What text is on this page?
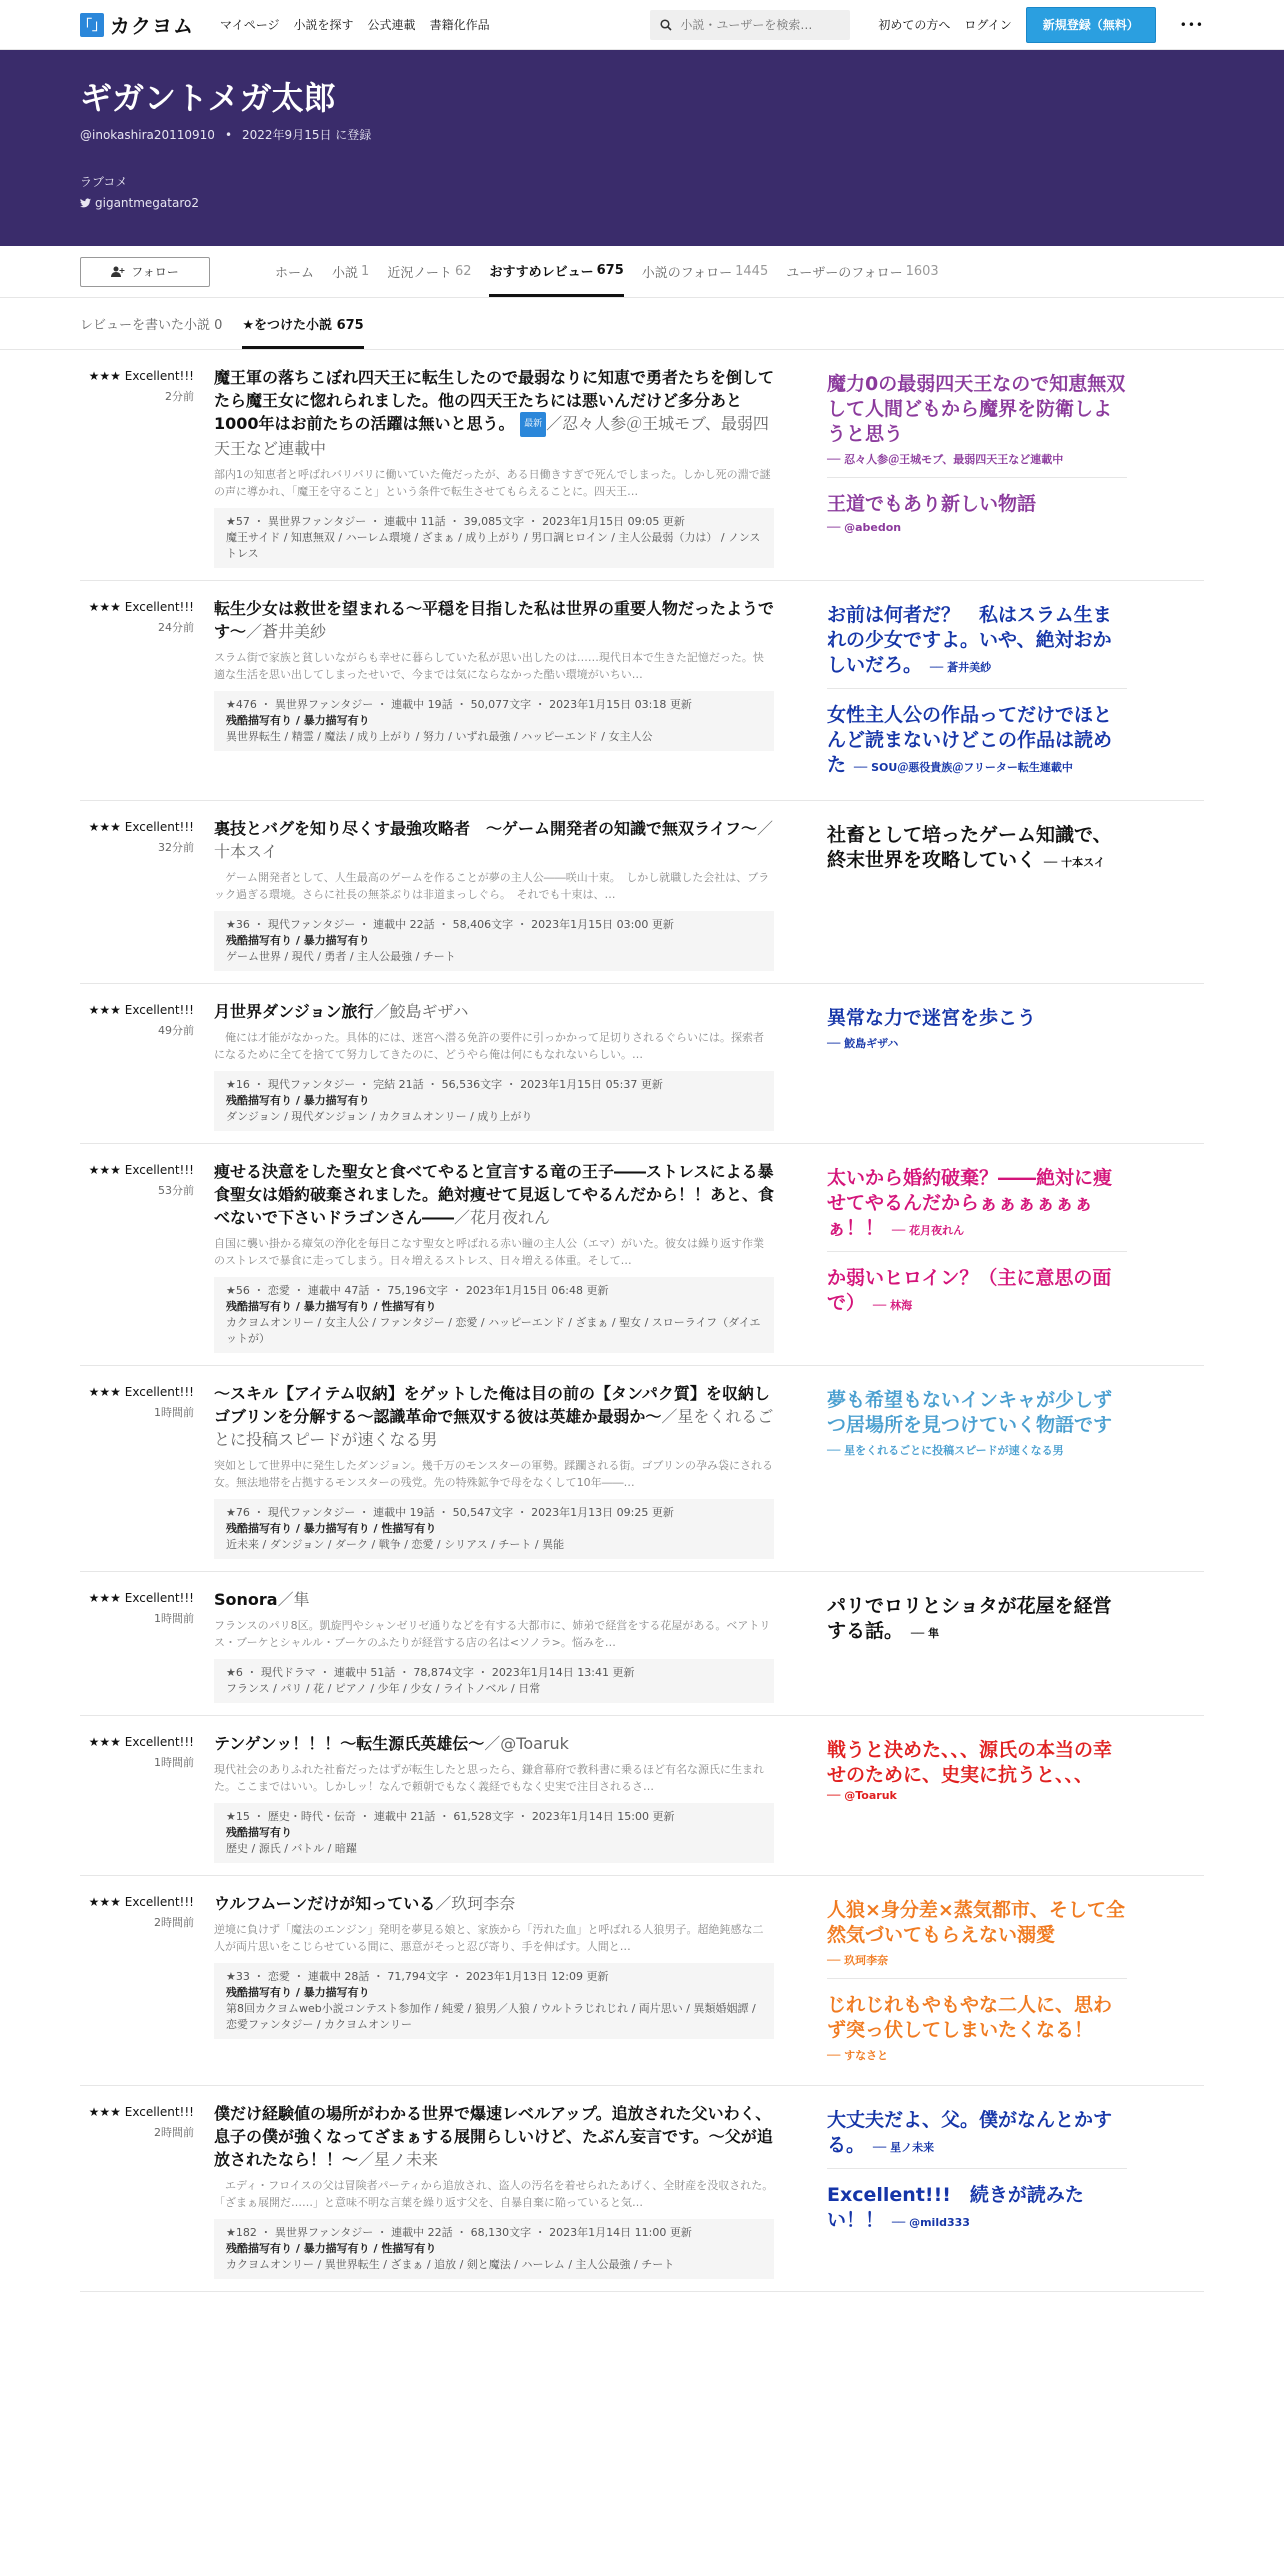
「」 カクヨム マイページ 小説を探す 公式連載 書籍化作品
小説・ユーザーを検索…	初めての方へ ログイン	新規登録（無料）	•••
ギガントメガ太郎
@inokashira20110910 • 2022年9月15日 に登録
ラブコメ
gigantmegataro2
フォロー	ホーム 小説 1 近況ノート 62 おすすめレビュー 675 小説のフォロー 1445 ユーザーのフォロー 1603
レビューを書いた小説 0 ★をつけた小説 675
★★★ Excellent!!!
2分前
魔王軍の落ちこぼれ四天王に転生したので最弱なりに知恵で勇者たちを倒してたら魔王女に惚れられました。他の四天王たちには悪いんだけど多分あと1000年はお前たちの活躍は無いと思う。 最新 ／忍々人参＠王城モブ、最弱四天王など連載中
部内1の知恵者と呼ばれバリバリに働いていた俺だったが、ある日働きすぎで死んでしまった。しかし死の淵で謎の声に導かれ、「魔王を守ること」という条件で転生させてもらえることに。四天王…
★57 ・ 異世界ファンタジー ・ 連載中 11話 ・ 39,085文字 ・ 2023年1月15日 09:05 更新
魔王サイド / 知恵無双 / ハーレム環境 / ざまぁ / 成り上がり / 男口調ヒロイン / 主人公最弱（力は） / ノンストレス
魔力0の最弱四天王なので知恵無双して人間どもから魔界を防衛しようと思う
── 忍々人参＠王城モブ、最弱四天王など連載中
王道でもあり新しい物語
── @abedon
★★★ Excellent!!!
24分前
転生少女は救世を望まれる〜平穏を目指した私は世界の重要人物だったようです〜／蒼井美紗
スラム街で家族と貧しいながらも幸せに暮らしていた私が思い出したのは……現代日本で生きた記憶だった。快適な生活を思い出してしまったせいで、今までは気にならなかった酷い環境がいちい…
★476 ・ 異世界ファンタジー ・ 連載中 19話 ・ 50,077文字 ・ 2023年1月15日 03:18 更新
残酷描写有り / 暴力描写有り
異世界転生 / 精霊 / 魔法 / 成り上がり / 努力 / いずれ最強 / ハッピーエンド / 女主人公
お前は何者だ？　私はスラム生まれの少女ですよ。いや、絶対おかしいだろ。 ── 蒼井美紗
女性主人公の作品ってだけでほとんど読まないけどこの作品は読めた ── SOU＠悪役貴族＠フリーター転生連載中
★★★ Excellent!!!
32分前
裏技とバグを知り尽くす最強攻略者　～ゲーム開発者の知識で無双ライフ～／十本スイ
　ゲーム開発者として、人生最高のゲームを作ることが夢の主人公――咲山十束。　しかし就職した会社は、ブラック過ぎる環境。さらに社長の無茶ぶりは非道まっしぐら。　それでも十束は、…
★36 ・ 現代ファンタジー ・ 連載中 22話 ・ 58,406文字 ・ 2023年1月15日 03:00 更新
残酷描写有り / 暴力描写有り
ゲーム世界 / 現代 / 勇者 / 主人公最強 / チート
社畜として培ったゲーム知識で、終末世界を攻略していく ── 十本スイ
★★★ Excellent!!!
49分前
月世界ダンジョン旅行／鮫島ギザハ
　俺には才能がなかった。具体的には、迷宮へ潜る免許の要件に引っかかって足切りされるぐらいには。探索者になるために全てを捨てて努力してきたのに、どうやら俺は何にもなれないらしい。…
★16 ・ 現代ファンタジー ・ 完結 21話 ・ 56,536文字 ・ 2023年1月15日 05:37 更新
残酷描写有り / 暴力描写有り
ダンジョン / 現代ダンジョン / カクヨムオンリー / 成り上がり
異常な力で迷宮を歩こう
── 鮫島ギザハ
★★★ Excellent!!!
53分前
痩せる決意をした聖女と食べてやると宣言する竜の王子――ストレスによる暴食聖女は婚約破棄されました。絶対痩せて見返してやるんだから！！あと、食べないで下さいドラゴンさん――／花月夜れん
自国に襲い掛かる瘴気の浄化を毎日こなす聖女と呼ばれる赤い瞳の主人公（エマ）がいた。彼女は繰り返す作業のストレスで暴食に走ってしまう。日々増えるストレス、日々増える体重。そして…
★56 ・ 恋愛 ・ 連載中 47話 ・ 75,196文字 ・ 2023年1月15日 06:48 更新
残酷描写有り / 暴力描写有り / 性描写有り
カクヨムオンリー / 女主人公 / ファンタジー / 恋愛 / ハッピーエンド / ざまぁ / 聖女 / スローライフ（ダイエットが）
太いから婚約破棄？――絶対に痩せてやるんだからぁぁぁぁぁぁぁ！！ ── 花月夜れん
か弱いヒロイン？（主に意思の面で） ── 林海
★★★ Excellent!!!
1時間前
～スキル【アイテム収納】をゲットした俺は目の前の【タンパク質】を収納しゴブリンを分解する～認識革命で無双する彼は英雄か最弱か～／星をくれるごとに投稿スピードが速くなる男
突如として世界中に発生したダンジョン。幾千万のモンスターの軍勢。蹂躙される街。ゴブリンの孕み袋にされる女。無法地帯を占拠するモンスターの残党。先の特殊鉱争で母をなくして10年――…
★76 ・ 現代ファンタジー ・ 連載中 19話 ・ 50,547文字 ・ 2023年1月13日 09:25 更新
残酷描写有り / 暴力描写有り / 性描写有り
近未来 / ダンジョン / ダーク / 戦争 / 恋愛 / シリアス / チート / 異能
夢も希望もないインキャが少しずつ居場所を見つけていく物語です
── 星をくれるごとに投稿スピードが速くなる男
★★★ Excellent!!!
1時間前
Sonora／隼
フランスのパリ8区。凱旋門やシャンゼリゼ通りなどを有する大都市に、姉弟で経営をする花屋がある。ベアトリス・ブーケとシャルル・ブーケのふたりが経営する店の名は<ソノラ>。悩みを…
★6 ・ 現代ドラマ ・ 連載中 51話 ・ 78,874文字 ・ 2023年1月14日 13:41 更新
フランス / パリ / 花 / ピアノ / 少年 / 少女 / ライトノベル / 日常
パリでロリとショタが花屋を経営する話。 ── 隼
★★★ Excellent!!!
1時間前
テンゲンッ！！！〜転生源氏英雄伝〜／@Toaruk
現代社会のありふれた社畜だったはずが転生したと思ったら、鎌倉幕府で教科書に乗るほど有名な源氏に生まれた。ここまではいい。しかしッ！なんで頼朝でもなく義経でもなく史実で注目されるさ…
★15 ・ 歴史・時代・伝奇 ・ 連載中 21話 ・ 61,528文字 ・ 2023年1月14日 15:00 更新
残酷描写有り
歴史 / 源氏 / バトル / 暗躍
戦うと決めた、、、源氏の本当の幸せのために、史実に抗うと、、、 ── @Toaruk
★★★ Excellent!!!
2時間前
ウルフムーンだけが知っている／玖珂李奈
逆境に負けず「魔法のエンジン」発明を夢見る娘と、家族から「汚れた血」と呼ばれる人狼男子。超絶鈍感な二人が両片思いをこじらせている間に、悪意がそっと忍び寄り、手を伸ばす。人間と…
★33 ・ 恋愛 ・ 連載中 28話 ・ 71,794文字 ・ 2023年1月13日 12:09 更新
残酷描写有り / 暴力描写有り
第8回カクヨムweb小説コンテスト参加作 / 純愛 / 狼男／人狼 / ウルトラじれじれ / 両片思い / 異類婚姻譚 / 恋愛ファンタジー / カクヨムオンリー
人狼×身分差×蒸気都市、そして全然気づいてもらえない溺愛
── 玖珂李奈
じれじれもやもやな二人に、思わず突っ伏してしまいたくなる！
── すなさと
★★★ Excellent!!!
2時間前
僕だけ経験値の場所がわかる世界で爆速レベルアップ。追放された父いわく、息子の僕が強くなってざまぁする展開らしいけど、たぶん妄言です。〜父が追放されたなら！！〜／星ノ未来
　エディ・フロイスの父は冒険者パーティから追放され、盗人の汚名を着せられたあげく、全財産を没収された。「ざまぁ展開だ……」と意味不明な言葉を繰り返す父を、自暴自棄に陥っていると気…
★182 ・ 異世界ファンタジー ・ 連載中 22話 ・ 68,130文字 ・ 2023年1月14日 11:00 更新
残酷描写有り / 暴力描写有り / 性描写有り
カクヨムオンリー / 異世界転生 / ざまぁ / 追放 / 剣と魔法 / ハーレム / 主人公最強 / チート
大丈夫だよ、父。僕がなんとかする。 ── 星ノ未来
Excellent!!!　続きが読みたい！！ ── @mild333
